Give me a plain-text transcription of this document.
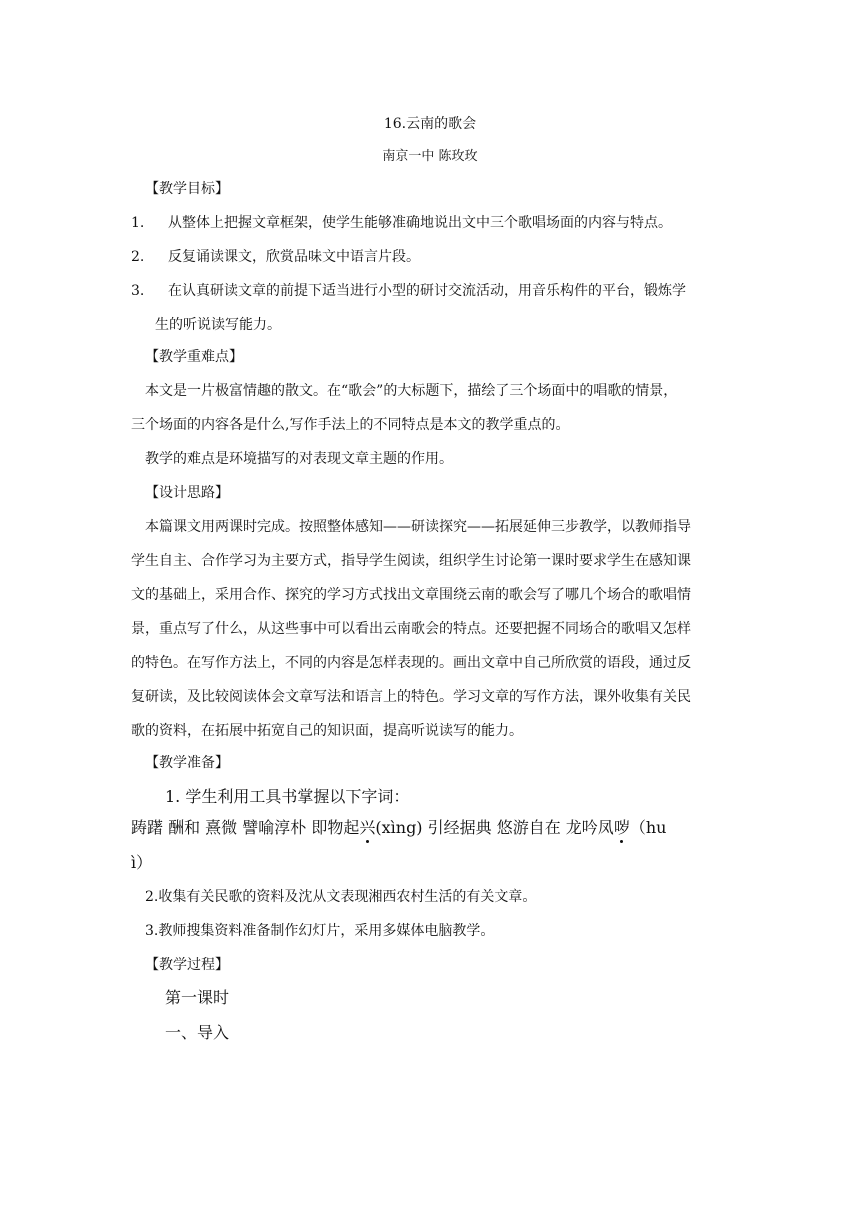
16.云南的歌会
南京一中 陈玫玫
【教学目标】
1. 从整体上把握文章框架，使学生能够准确地说出文中三个歌唱场面的内容与特点。
2. 反复诵读课文，欣赏品味文中语言片段。
3. 在认真研读文章的前提下适当进行小型的研讨交流活动，用音乐构件的平台，锻炼学
生的听说读写能力。
【教学重难点】
本文是一片极富情趣的散文。在“歌会”的大标题下，描绘了三个场面中的唱歌的情景，
三个场面的内容各是什么,写作手法上的不同特点是本文的教学重点的。
教学的难点是环境描写的对表现文章主题的作用。
【设计思路】
本篇课文用两课时完成。按照整体感知——研读探究——拓展延伸三步教学，以教师指导
学生自主、合作学习为主要方式，指导学生阅读，组织学生讨论第一课时要求学生在感知课
文的基础上，采用合作、探究的学习方式找出文章围绕云南的歌会写了哪几个场合的歌唱情
景，重点写了什么，从这些事中可以看出云南歌会的特点。还要把握不同场合的歌唱又怎样
的特色。在写作方法上，不同的内容是怎样表现的。画出文章中自己所欣赏的语段，通过反
复研读，及比较阅读体会文章写法和语言上的特色。学习文章的写作方法，课外收集有关民
歌的资料，在拓展中拓宽自己的知识面，提高听说读写的能力。
【教学准备】
1. 学生利用工具书掌握以下字词：
踌躇 酬和 熹微 譬喻淳朴 即物起兴(xìng) 引经据典 悠游自在 龙吟凤哕（hu
ì）
2.收集有关民歌的资料及沈从文表现湘西农村生活的有关文章。
3.教师搜集资料准备制作幻灯片，采用多媒体电脑教学。
【教学过程】
第一课时
一、导入
